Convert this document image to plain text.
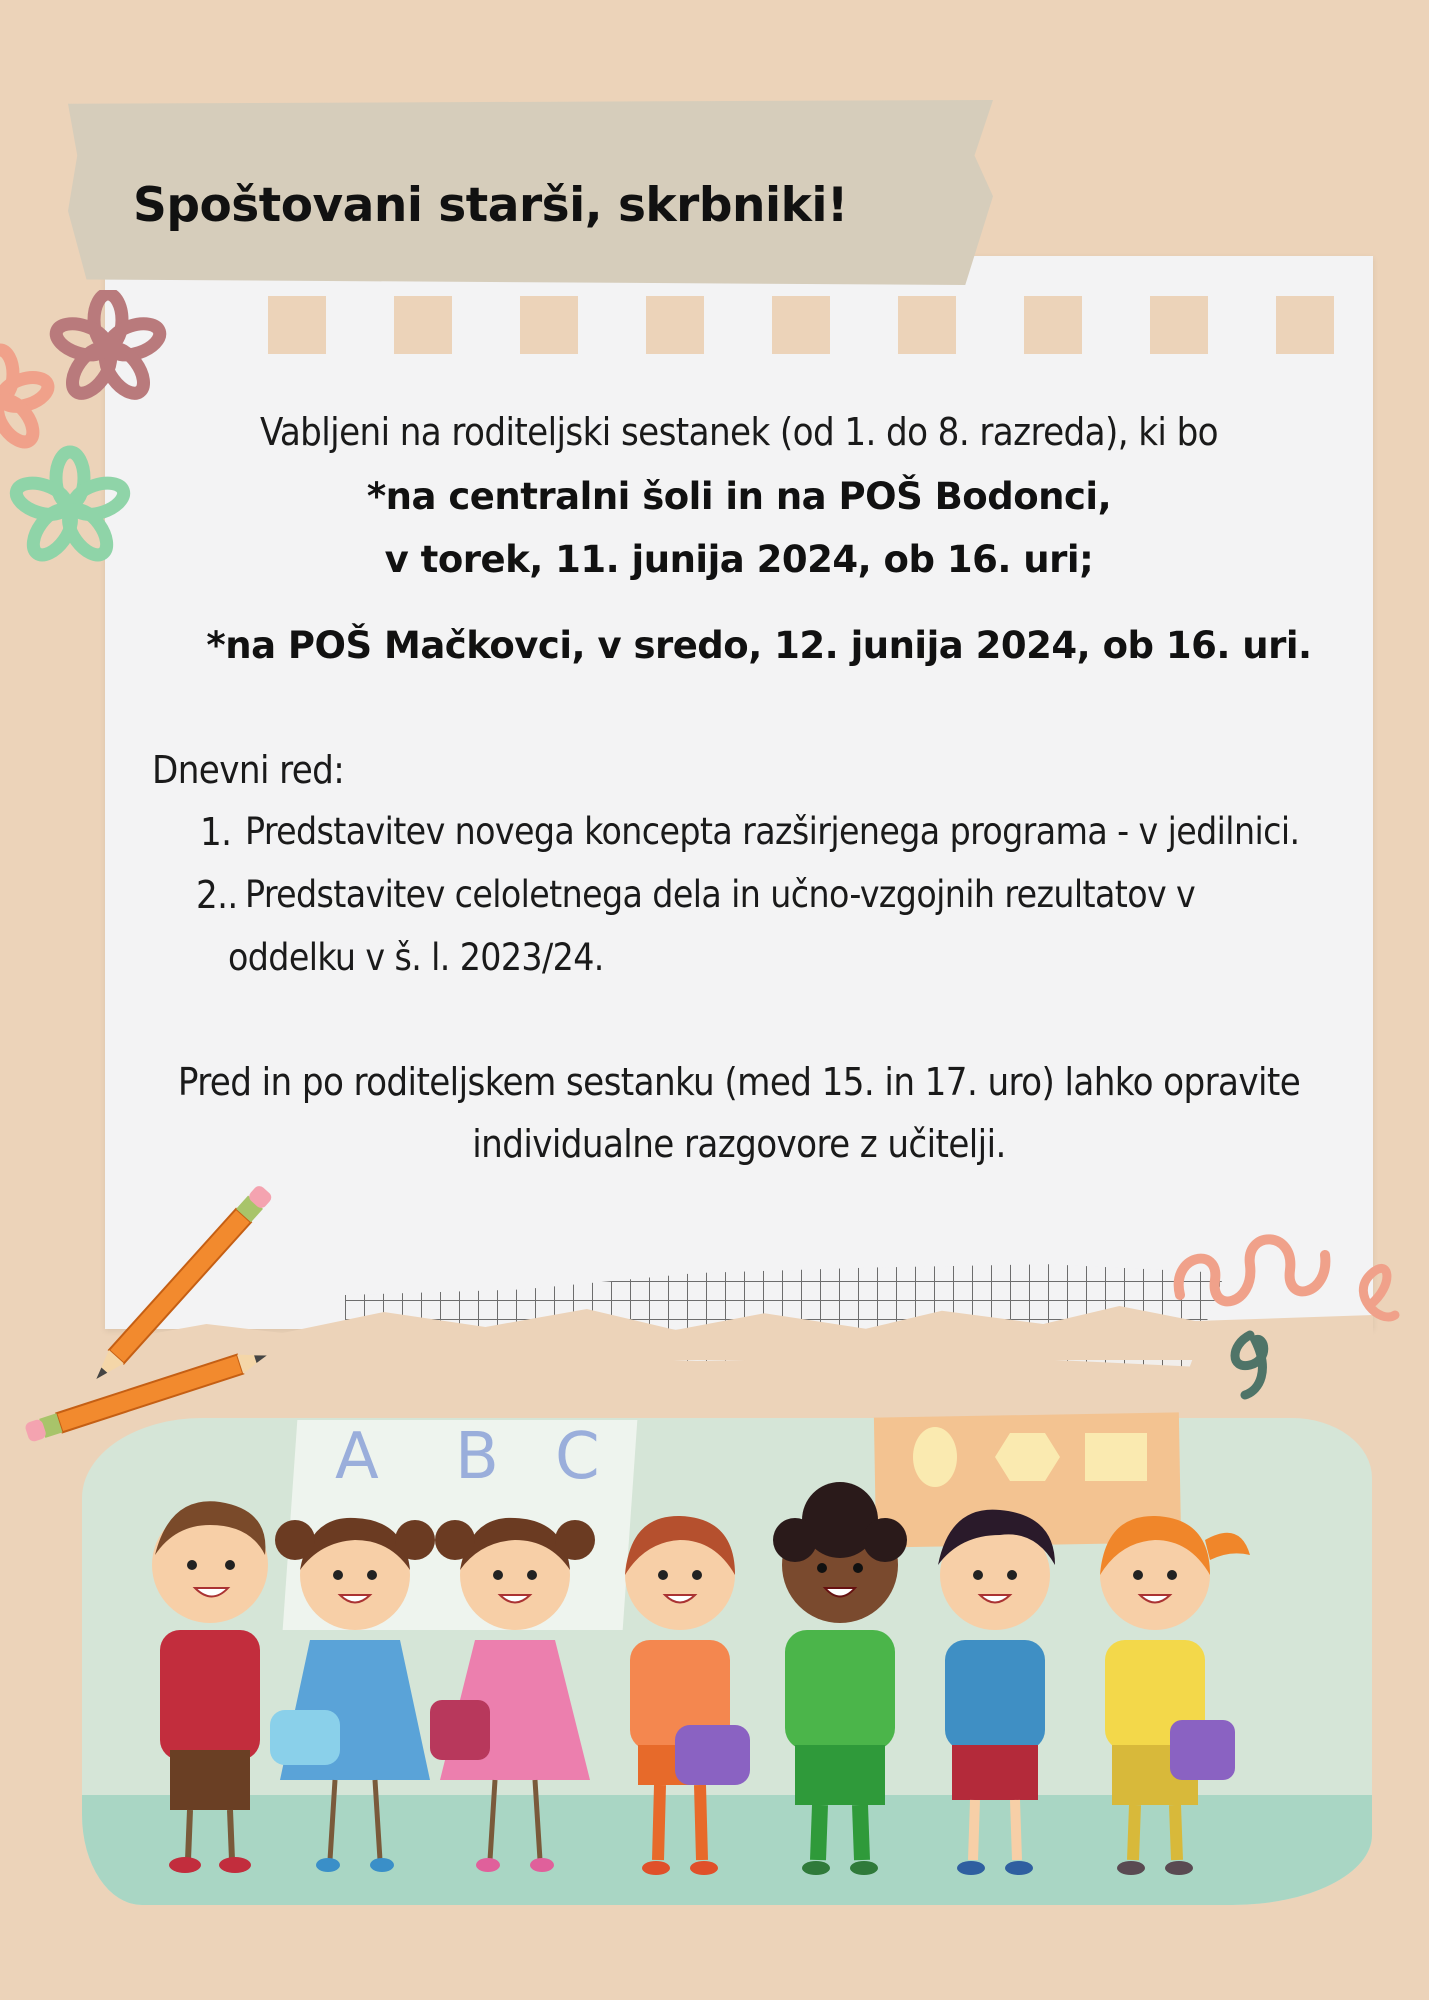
Spoštovani starši, skrbniki!
Vabljeni na roditeljski sestanek (od 1. do 8. razreda), ki bo
*na centralni šoli in na POŠ Bodonci,
v torek, 11. junija 2024, ob 16. uri;
*na POŠ Mačkovci, v sredo, 12. junija 2024, ob 16. uri.
Dnevni red:
1. Predstavitev novega koncepta razširjenega programa - v jedilnici.
2.. Predstavitev celoletnega dela in učno-vzgojnih rezultatov v
oddelku v š. l. 2023/24.
Pred in po roditeljskem sestanku (med 15. in 17. uro) lahko opravite
individualne razgovore z učitelji.
A B C
